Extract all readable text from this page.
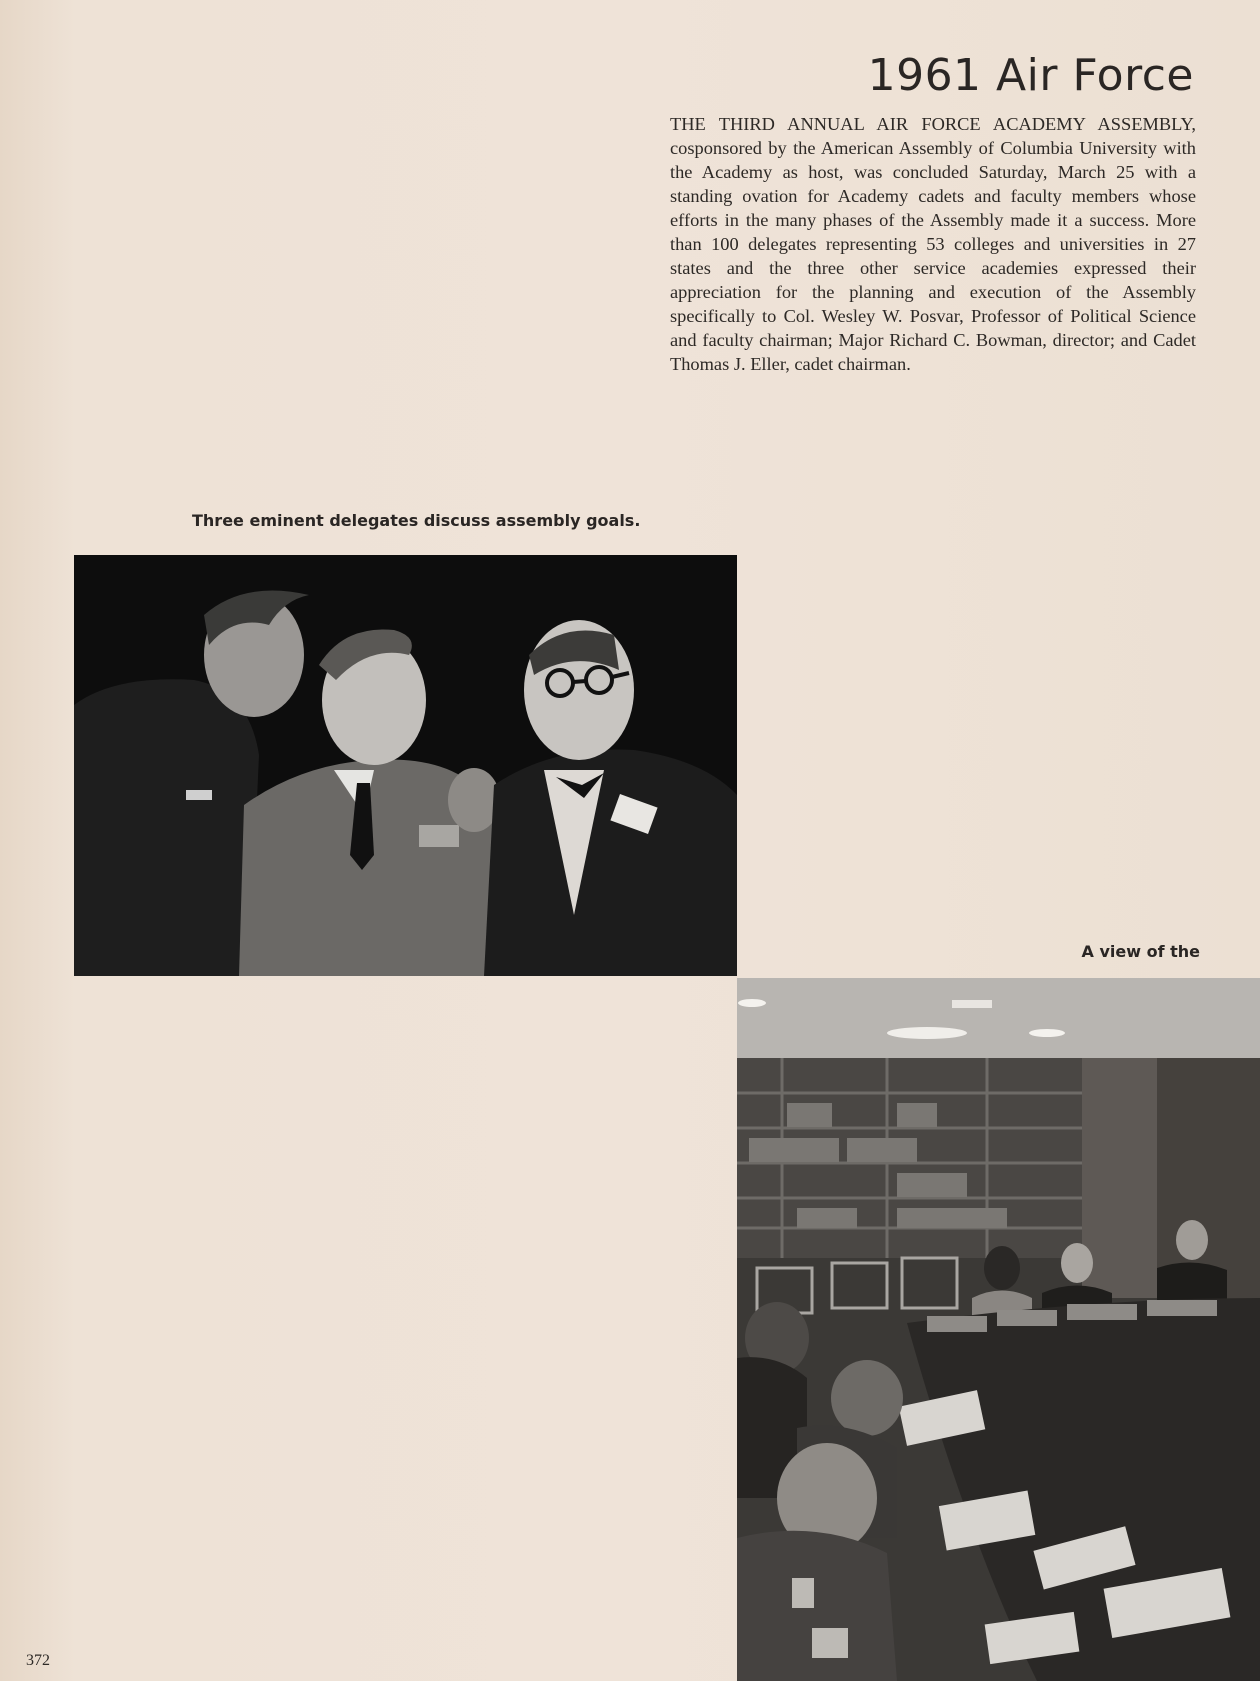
1961 Air Force

THE THIRD ANNUAL AIR FORCE ACADEMY ASSEMBLY, cosponsored by the American Assembly of Columbia University with the Academy as host, was concluded Saturday, March 25 with a standing ovation for Academy cadets and faculty members whose efforts in the many phases of the Assembly made it a success. More than 100 delegates representing 53 colleges and universities in 27 states and the three other service academies expressed their appreciation for the planning and execution of the Assembly specifically to Col. Wesley W. Posvar, Professor of Political Science and faculty chairman; Major Richard C. Bowman, director; and Cadet Thomas J. Eller, cadet chairman.

Three eminent delegates discuss assembly goals.

A view of the

372
